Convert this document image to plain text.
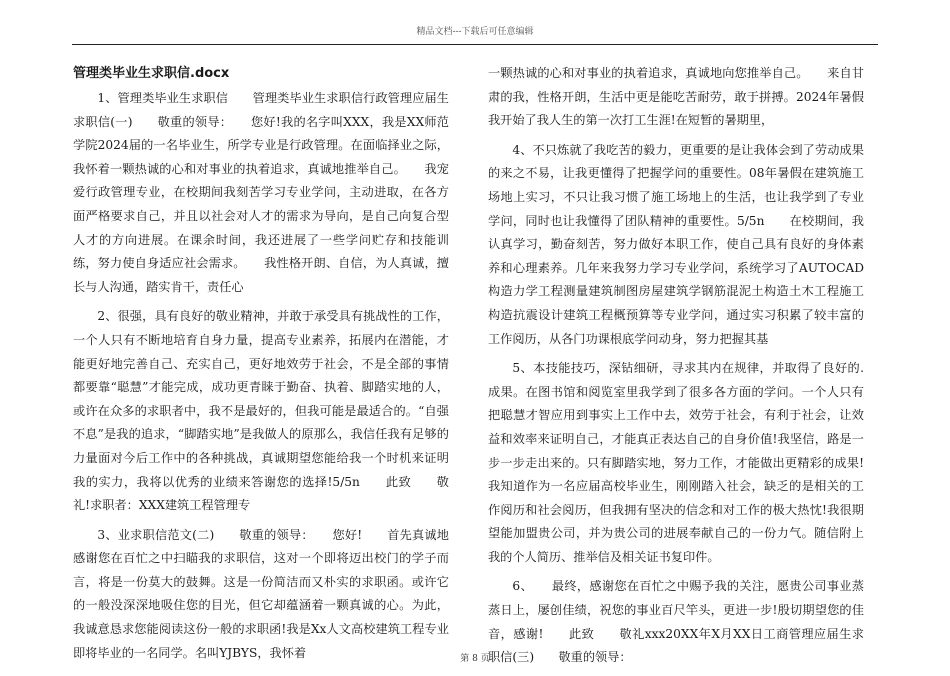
精品文档---下载后可任意编辑
管理类毕业生求职信.docx

1、管理类毕业生求职信　　管理类毕业生求职信行政管理应届生求职信(一)　　敬重的领导：　　您好!我的名字叫XXX，我是XX师范学院2024届的一名毕业生，所学专业是行政管理。在面临择业之际，我怀着一颗热诚的心和对事业的执着追求，真诚地推举自己。　　我宠爱行政管理专业，在校期间我刻苦学习专业学问，主动进取，在各方面严格要求自己，并且以社会对人才的需求为导向，是自己向复合型人才的方向进展。在课余时间，我还进展了一些学问贮存和技能训练，努力使自身适应社会需求。　　我性格开朗、自信，为人真诚，擅长与人沟通，踏实肯干，责任心

2、很强，具有良好的敬业精神，并敢于承受具有挑战性的工作，一个人只有不断地培育自身力量，提高专业素养，拓展内在潜能，才能更好地完善自己、充实自己，更好地效劳于社会，不是全部的事情都要靠“聪慧”才能完成，成功更青睐于勤奋、执着、脚踏实地的人，或许在众多的求职者中，我不是最好的，但我可能是最适合的。“自强不息”是我的追求，“脚踏实地”是我做人的原那么，我信任我有足够的力量面对今后工作中的各种挑战，真诚期望您能给我一个时机来证明我的实力，我将以优秀的业绩来答谢您的选择!5/5n　　此致　　敬礼!求职者：XXX建筑工程管理专

3、业求职信范文(二)　　敬重的领导：　　您好!　　首先真诚地感谢您在百忙之中扫瞄我的求职信，这对一个即将迈出校门的学子而言，将是一份莫大的鼓舞。这是一份简洁而又朴实的求职函。或许它的一般没深深地吸住您的目光，但它却蕴涵着一颗真诚的心。为此，我诚意恳求您能阅读这份一般的求职函!我是Xx人文高校建筑工程专业即将毕业的一名同学。名叫YJBYS，我怀着

一颗热诚的心和对事业的执着追求，真诚地向您推举自己。　　来自甘肃的我，性格开朗，生活中更是能吃苦耐劳，敢于拼搏。2024年暑假我开始了我人生的第一次打工生涯!在短暂的暑期里，

4、不只炼就了我吃苦的毅力，更重要的是让我体会到了劳动成果的来之不易，让我更懂得了把握学问的重要性。08年暑假在建筑施工场地上实习，不只让我习惯了施工场地上的生活，也让我学到了专业学问，同时也让我懂得了团队精神的重要性。5/5n　　在校期间，我认真学习，勤奋刻苦，努力做好本职工作，使自己具有良好的身体素养和心理素养。几年来我努力学习专业学问，系统学习了AUTOCAD构造力学工程测量建筑制图房屋建筑学钢筋混泥土构造土木工程施工构造抗震设计建筑工程概预算等专业学问，通过实习积累了较丰富的工作阅历，从各门功课根底学问动身，努力把握其基

5、本技能技巧，深钻细研，寻求其内在规律，并取得了良好的.成果。在图书馆和阅览室里我学到了很多各方面的学问。一个人只有把聪慧才智应用到事实上工作中去，效劳于社会，有利于社会，让效益和效率来证明自己，才能真正表达自己的自身价值!我坚信，路是一步一步走出来的。只有脚踏实地，努力工作，才能做出更精彩的成果!　　我知道作为一名应届高校毕业生，刚刚踏入社会，缺乏的是相关的工作阅历和社会阅历，但我拥有坚决的信念和对工作的极大热忱!我很期望能加盟贵公司，并为贵公司的进展奉献自己的一份力气。随信附上我的个人简历、推举信及相关证书复印件。

6、　　最终，感谢您在百忙之中赐予我的关注，愿贵公司事业蒸蒸日上，屡创佳绩，祝您的事业百尺竿头，更进一步!殷切期望您的佳音，感谢!　　此致　　敬礼xxx20XX年X月XX日工商管理应届生求职信(三)　　敬重的领导：

第 8 页
